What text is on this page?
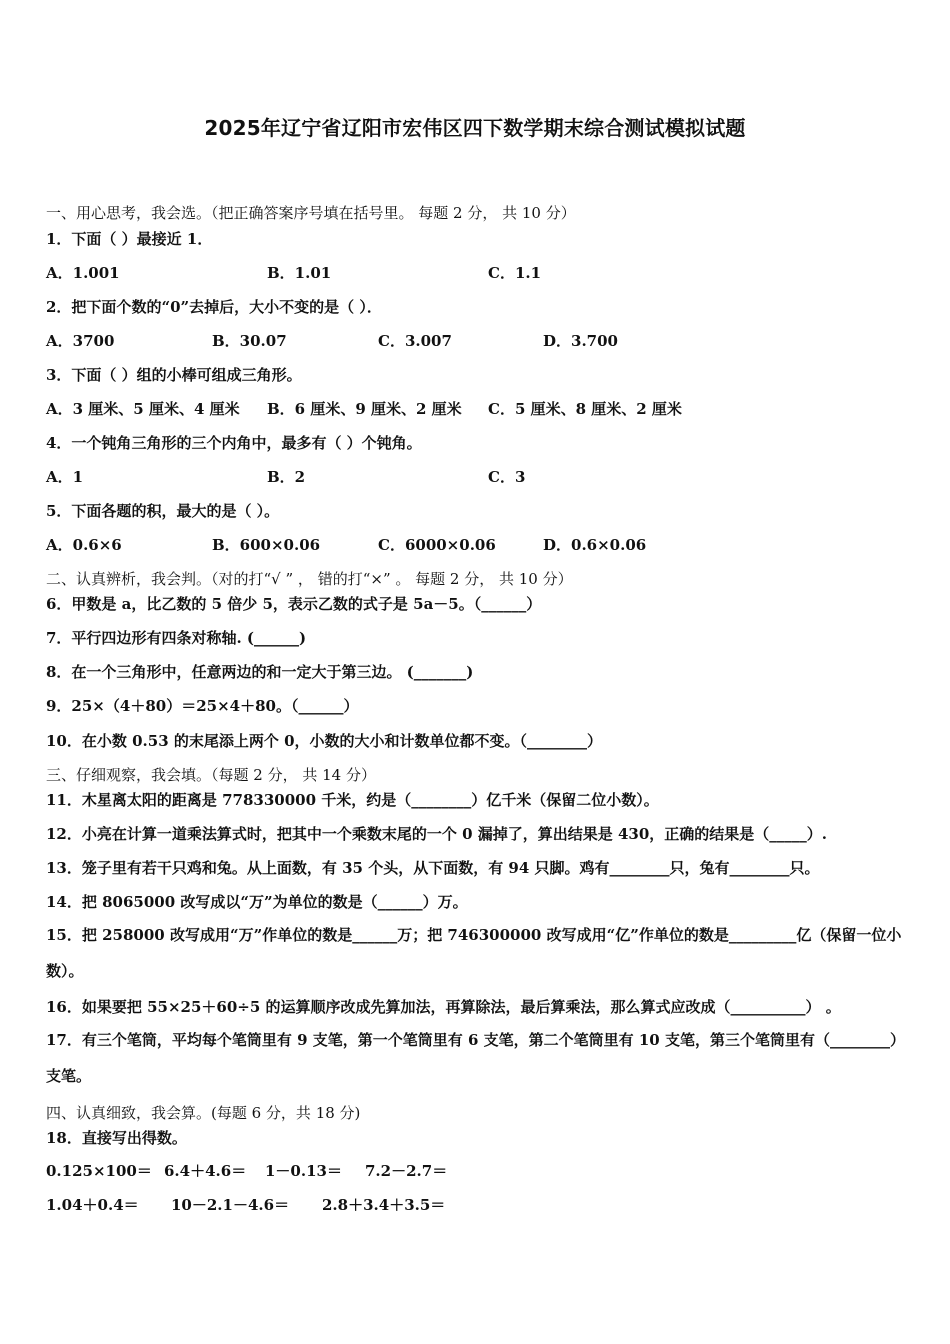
2025年辽宁省辽阳市宏伟区四下数学期末综合测试模拟试题
一、用心思考，我会选。（把正确答案序号填在括号里。 每题 2 分， 共 10 分）
1．下面（ ）最接近 1．
A．1.001	B．1.01	C．1.1
2．把下面个数的“0”去掉后，大小不变的是（ ）．
A．3700	B．30.07	C．3.007	D．3.700
3．下面（ ）组的小棒可组成三角形。
A．3 厘米、5 厘米、4 厘米 B．6 厘米、9 厘米、2 厘米 C．5 厘米、8 厘米、2 厘米
4．一个钝角三角形的三个内角中，最多有（ ）个钝角。
A．1	B．2	C．3
5．下面各题的积，最大的是（ ）。
A．0.6×6	B．600×0.06	C．6000×0.06	D．0.6×0.06
二、认真辨析，我会判。（对的打“√ ” ， 错的打“×” 。 每题 2 分， 共 10 分）
6．甲数是 a，比乙数的 5 倍少 5，表示乙数的式子是 5a－5。（______）
7．平行四边形有四条对称轴. (______)
8．在一个三角形中，任意两边的和一定大于第三边。 (_______)
9．25×（4＋80）＝25×4＋80。（______）
10．在小数 0.53 的末尾添上两个 0，小数的大小和计数单位都不变。（________）
三、仔细观察，我会填。（每题 2 分， 共 14 分）
11．木星离太阳的距离是 778330000 千米，约是（________）亿千米（保留二位小数）。
12．小亮在计算一道乘法算式时，把其中一个乘数末尾的一个 0 漏掉了，算出结果是 430，正确的结果是（_____）.
13．笼子里有若干只鸡和兔。从上面数，有 35 个头，从下面数，有 94 只脚。鸡有________只，兔有________只。
14．把 8065000 改写成以“万”为单位的数是（______）万。
15．把 258000 改写成用“万”作单位的数是______万；把 746300000 改写成用“亿”作单位的数是_________亿（保留一位小数）。
16．如果要把 55×25＋60÷5 的运算顺序改成先算加法，再算除法，最后算乘法，那么算式应改成（__________） 。
17．有三个笔筒，平均每个笔筒里有 9 支笔，第一个笔筒里有 6 支笔，第二个笔筒里有 10 支笔，第三个笔筒里有（________）支笔。
四、认真细致，我会算。(每题 6 分，共 18 分)
18．直接写出得数。
0.125×100＝ 6.4＋4.6＝ 1－0.13＝ 7.2－2.7＝
1.04＋0.4＝ 10－2.1－4.6＝ 2.8＋3.4＋3.5＝
